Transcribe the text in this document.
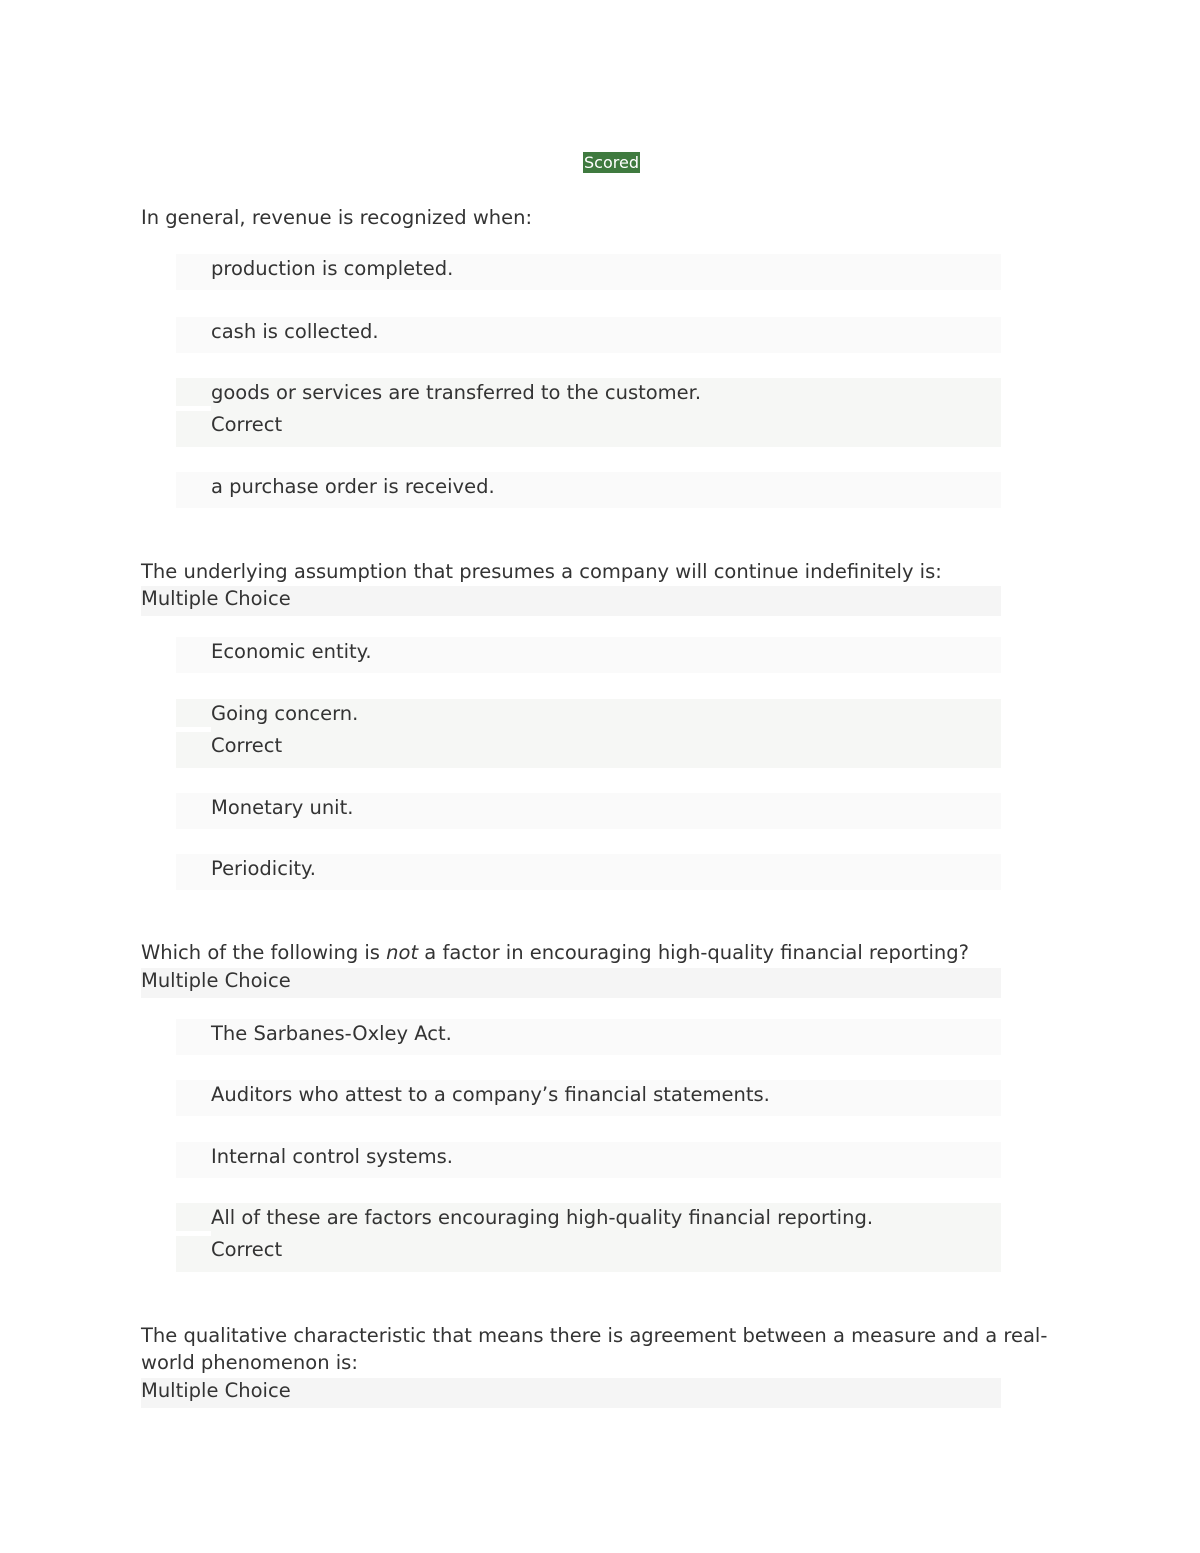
Scored
In general, revenue is recognized when:
production is completed.
cash is collected.
goods or services are transferred to the customer.
Correct
a purchase order is received.
The underlying assumption that presumes a company will continue indefinitely is:
Multiple Choice
Economic entity.
Going concern.
Correct
Monetary unit.
Periodicity.
Which of the following is not a factor in encouraging high-quality financial reporting?
Multiple Choice
The Sarbanes-Oxley Act.
Auditors who attest to a company’s financial statements.
Internal control systems.
All of these are factors encouraging high-quality financial reporting.
Correct
The qualitative characteristic that means there is agreement between a measure and a real-world phenomenon is:
Multiple Choice
